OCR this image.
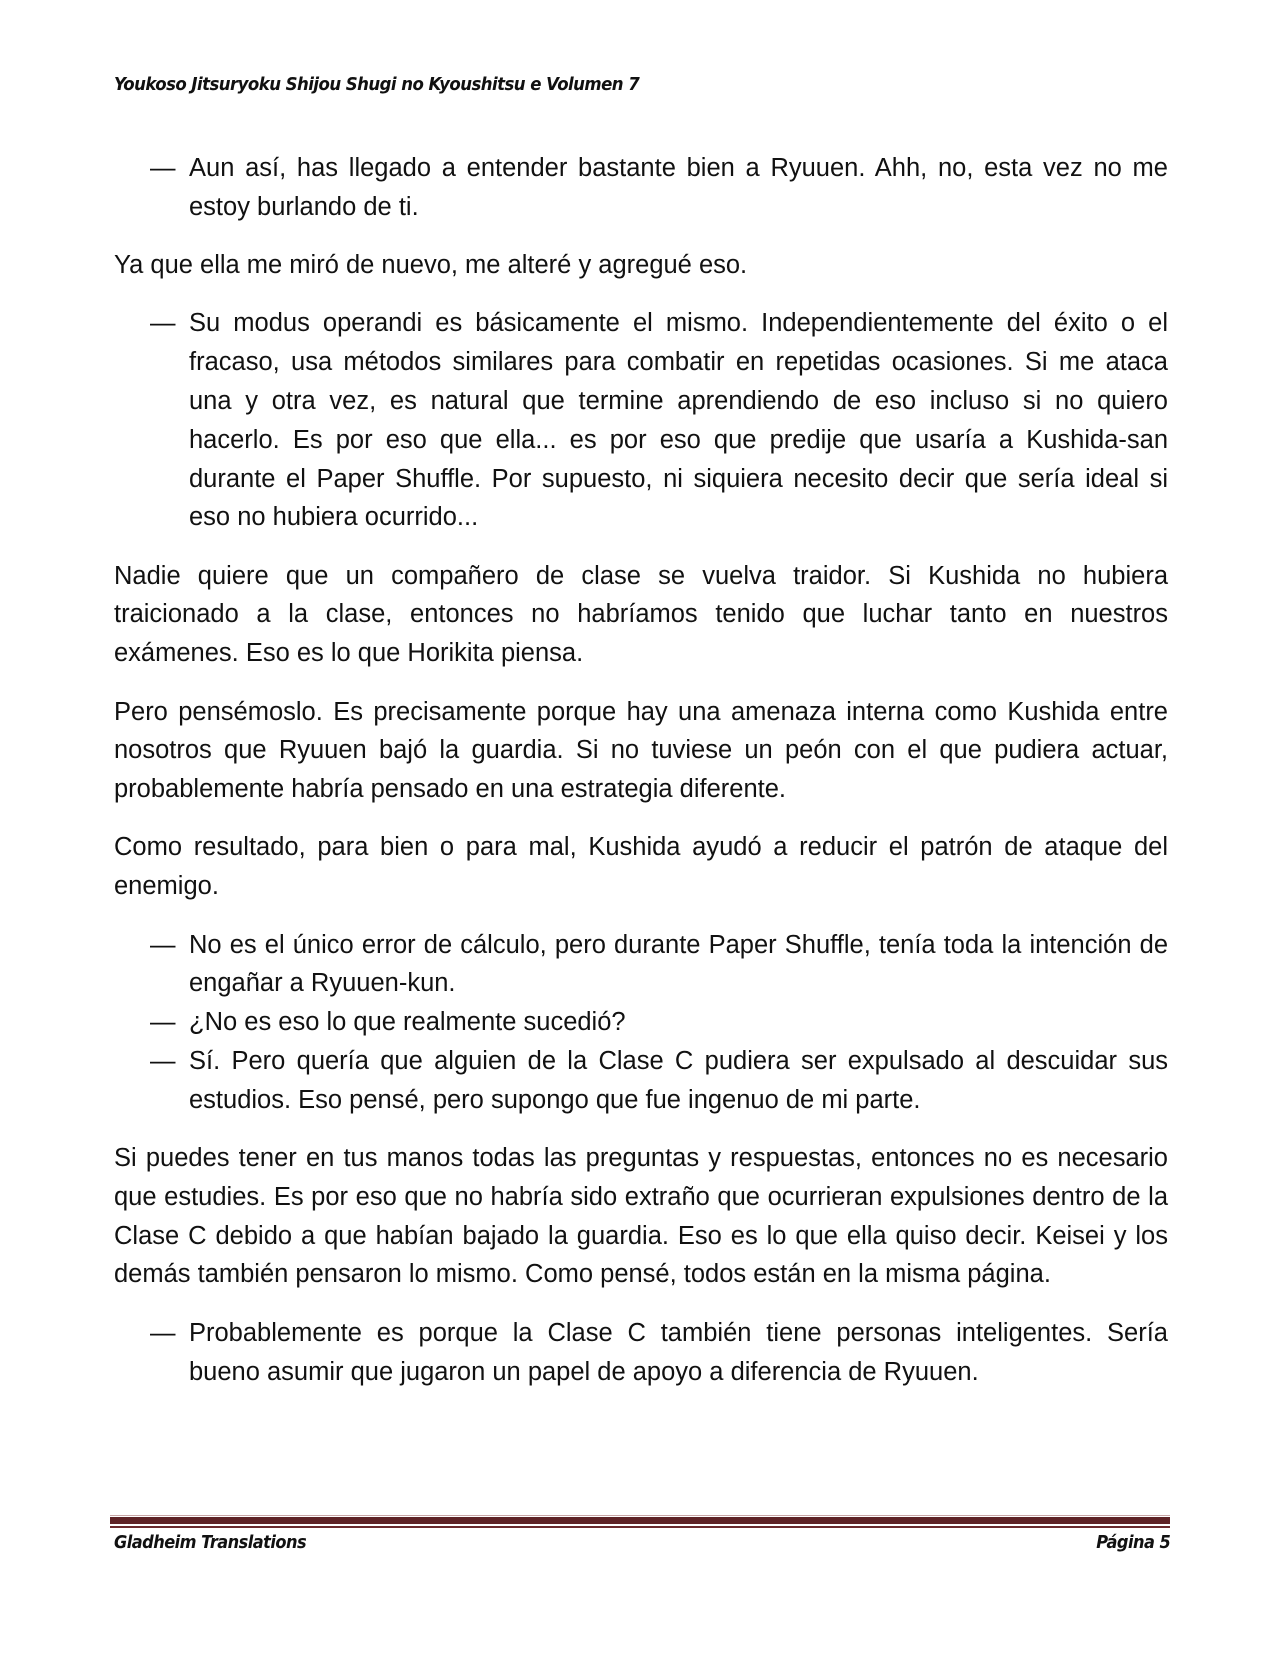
Youkoso Jitsuryoku Shijou Shugi no Kyoushitsu e Volumen 7

— Aun así, has llegado a entender bastante bien a Ryuuen. Ahh, no, esta vez no me estoy burlando de ti.

Ya que ella me miró de nuevo, me alteré y agregué eso.

— Su modus operandi es básicamente el mismo. Independientemente del éxito o el fracaso, usa métodos similares para combatir en repetidas ocasiones. Si me ataca una y otra vez, es natural que termine aprendiendo de eso incluso si no quiero hacerlo. Es por eso que ella... es por eso que predije que usaría a Kushida-san durante el Paper Shuffle. Por supuesto, ni siquiera necesito decir que sería ideal si eso no hubiera ocurrido...

Nadie quiere que un compañero de clase se vuelva traidor. Si Kushida no hubiera traicionado a la clase, entonces no habríamos tenido que luchar tanto en nuestros exámenes. Eso es lo que Horikita piensa.

Pero pensémoslo. Es precisamente porque hay una amenaza interna como Kushida entre nosotros que Ryuuen bajó la guardia. Si no tuviese un peón con el que pudiera actuar, probablemente habría pensado en una estrategia diferente.

Como resultado, para bien o para mal, Kushida ayudó a reducir el patrón de ataque del enemigo.

— No es el único error de cálculo, pero durante Paper Shuffle, tenía toda la intención de engañar a Ryuuen-kun.

— ¿No es eso lo que realmente sucedió?

— Sí. Pero quería que alguien de la Clase C pudiera ser expulsado al descuidar sus estudios. Eso pensé, pero supongo que fue ingenuo de mi parte.

Si puedes tener en tus manos todas las preguntas y respuestas, entonces no es necesario que estudies. Es por eso que no habría sido extraño que ocurrieran expulsiones dentro de la Clase C debido a que habían bajado la guardia. Eso es lo que ella quiso decir. Keisei y los demás también pensaron lo mismo. Como pensé, todos están en la misma página.

— Probablemente es porque la Clase C también tiene personas inteligentes. Sería bueno asumir que jugaron un papel de apoyo a diferencia de Ryuuen.

Gladheim Translations	Página 5
